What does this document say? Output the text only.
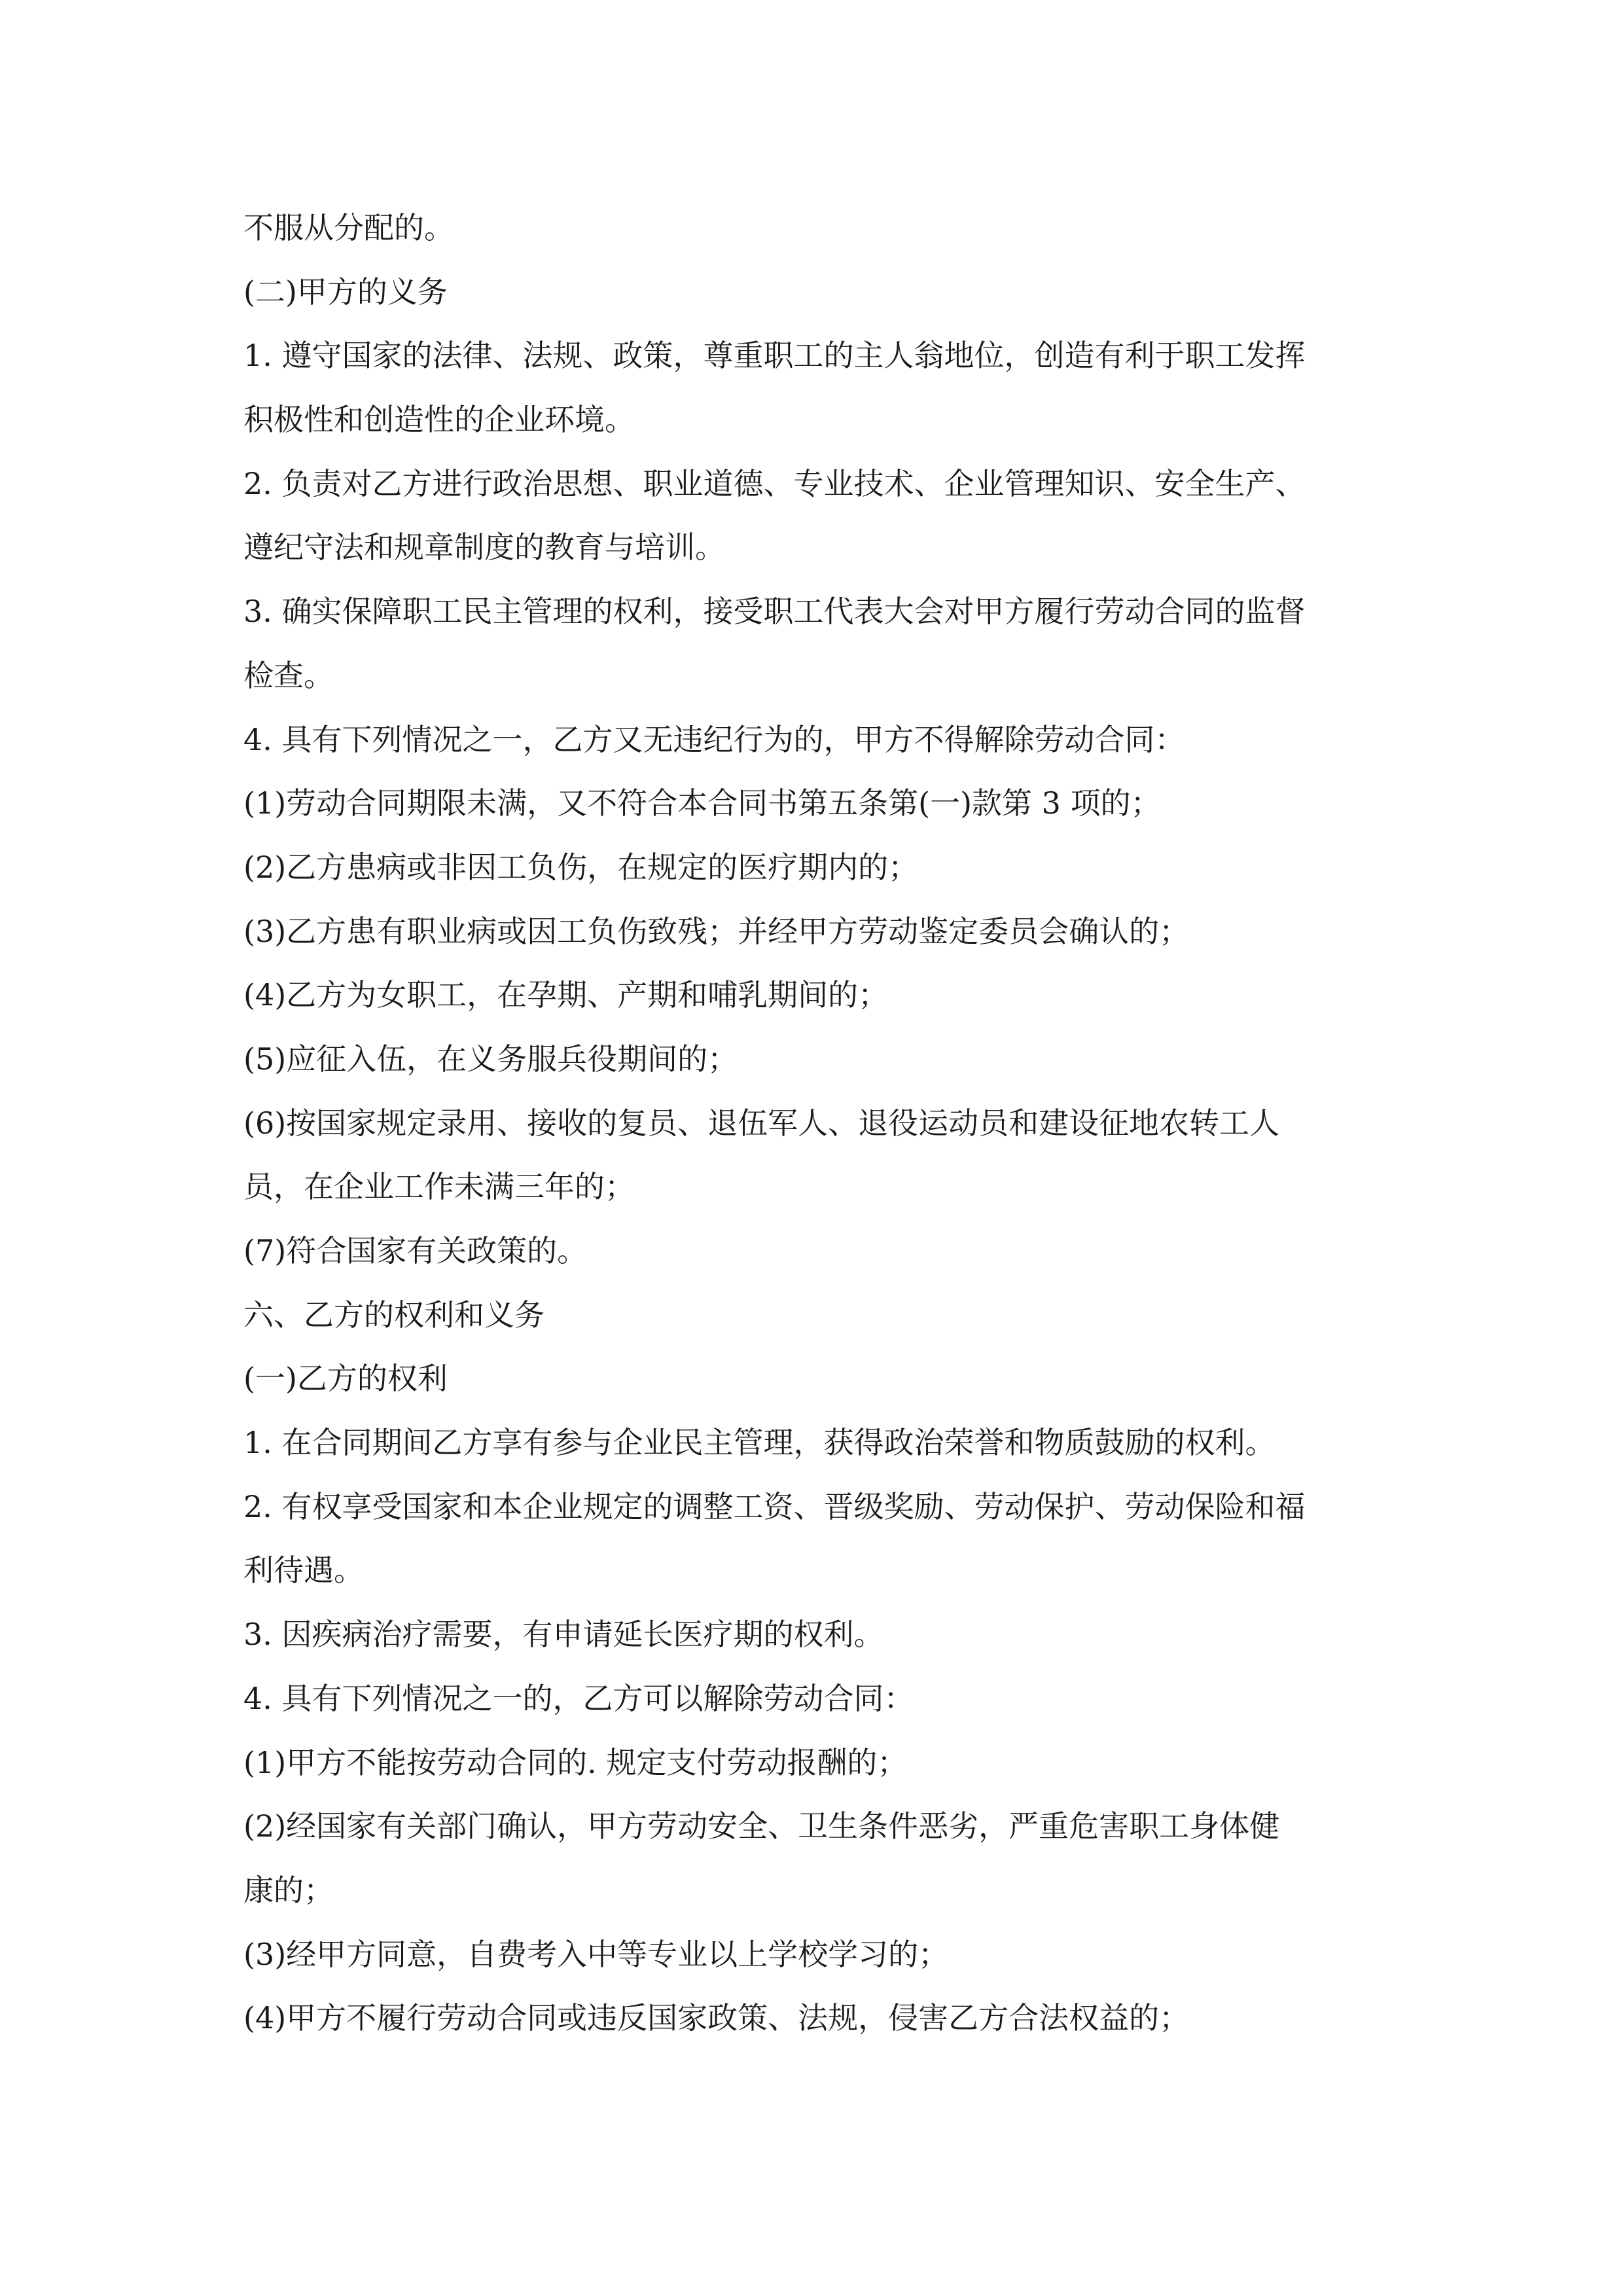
不服从分配的。
(二)甲方的义务
1. 遵守国家的法律、法规、政策，尊重职工的主人翁地位，创造有利于职工发挥
积极性和创造性的企业环境。
2. 负责对乙方进行政治思想、职业道德、专业技术、企业管理知识、安全生产、
遵纪守法和规章制度的教育与培训。
3. 确实保障职工民主管理的权利，接受职工代表大会对甲方履行劳动合同的监督
检查。
4. 具有下列情况之一，乙方又无违纪行为的，甲方不得解除劳动合同：
(1)劳动合同期限未满，又不符合本合同书第五条第(一)款第 3 项的；
(2)乙方患病或非因工负伤，在规定的医疗期内的；
(3)乙方患有职业病或因工负伤致残；并经甲方劳动鉴定委员会确认的；
(4)乙方为女职工，在孕期、产期和哺乳期间的；
(5)应征入伍，在义务服兵役期间的；
(6)按国家规定录用、接收的复员、退伍军人、退役运动员和建设征地农转工人
员，在企业工作未满三年的；
(7)符合国家有关政策的。
六、乙方的权利和义务
(一)乙方的权利
1. 在合同期间乙方享有参与企业民主管理，获得政治荣誉和物质鼓励的权利。
2. 有权享受国家和本企业规定的调整工资、晋级奖励、劳动保护、劳动保险和福
利待遇。
3. 因疾病治疗需要，有申请延长医疗期的权利。
4. 具有下列情况之一的，乙方可以解除劳动合同：
(1)甲方不能按劳动合同的. 规定支付劳动报酬的；
(2)经国家有关部门确认，甲方劳动安全、卫生条件恶劣，严重危害职工身体健
康的；
(3)经甲方同意，自费考入中等专业以上学校学习的；
(4)甲方不履行劳动合同或违反国家政策、法规，侵害乙方合法权益的；
